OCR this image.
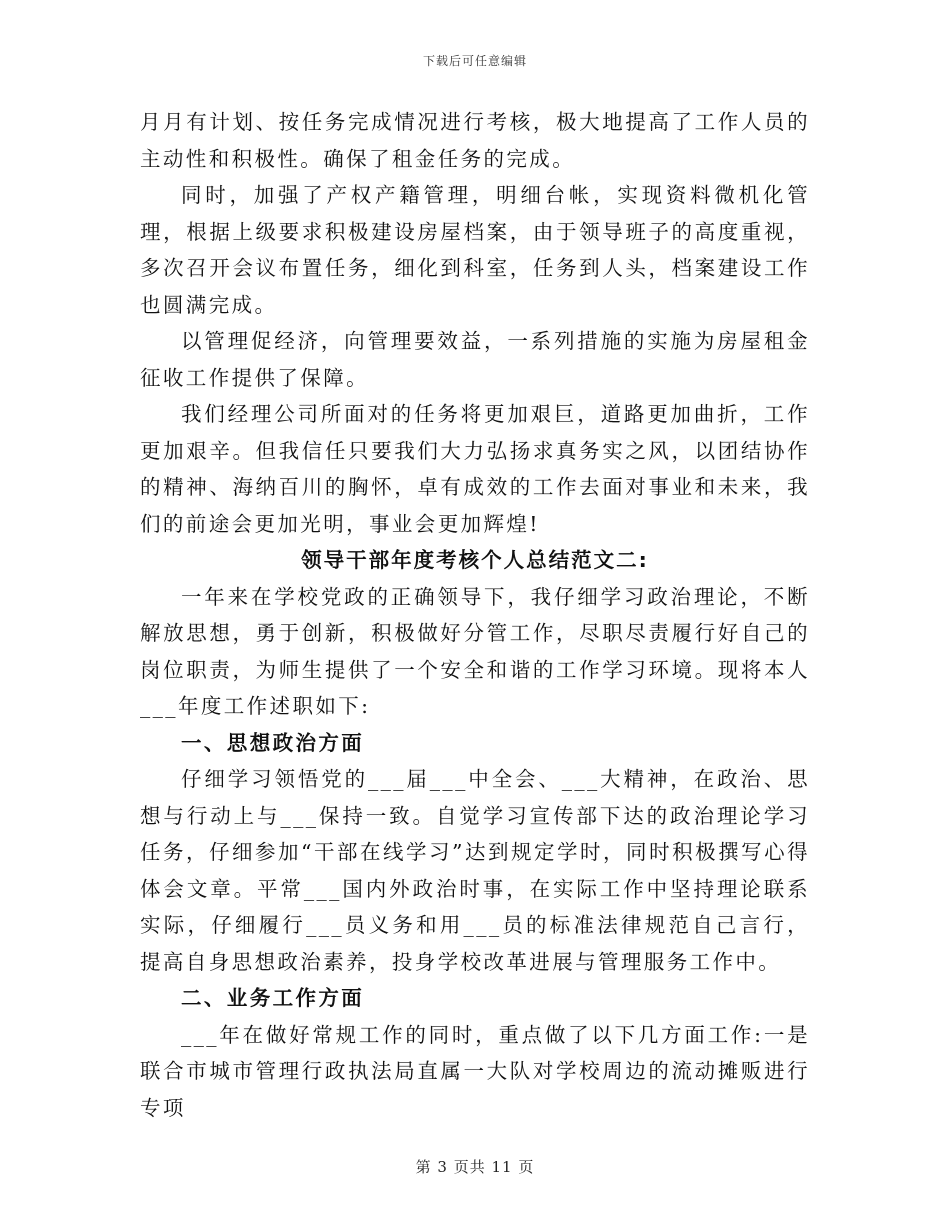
下载后可任意编辑

月月有计划、按任务完成情况进行考核，极大地提高了工作人员的主动性和积极性。确保了租金任务的完成。

同时，加强了产权产籍管理，明细台帐，实现资料微机化管理，根据上级要求积极建设房屋档案，由于领导班子的高度重视，多次召开会议布置任务，细化到科室，任务到人头，档案建设工作也圆满完成。

以管理促经济，向管理要效益，一系列措施的实施为房屋租金征收工作提供了保障。

我们经理公司所面对的任务将更加艰巨，道路更加曲折，工作更加艰辛。但我信任只要我们大力弘扬求真务实之风，以团结协作的精神、海纳百川的胸怀，卓有成效的工作去面对事业和未来，我们的前途会更加光明，事业会更加辉煌!

领导干部年度考核个人总结范文二:

一年来在学校党政的正确领导下，我仔细学习政治理论，不断解放思想，勇于创新，积极做好分管工作，尽职尽责履行好自己的岗位职责，为师生提供了一个安全和谐的工作学习环境。现将本人___年度工作述职如下:

一、思想政治方面

仔细学习领悟党的___届___中全会、___大精神，在政治、思想与行动上与___保持一致。自觉学习宣传部下达的政治理论学习任务，仔细参加“干部在线学习”达到规定学时，同时积极撰写心得体会文章。平常___国内外政治时事，在实际工作中坚持理论联系实际，仔细履行___员义务和用___员的标准法律规范自己言行，提高自身思想政治素养，投身学校改革进展与管理服务工作中。

二、业务工作方面

___年在做好常规工作的同时，重点做了以下几方面工作:一是联合市城市管理行政执法局直属一大队对学校周边的流动摊贩进行专项

第 3 页共 11 页
